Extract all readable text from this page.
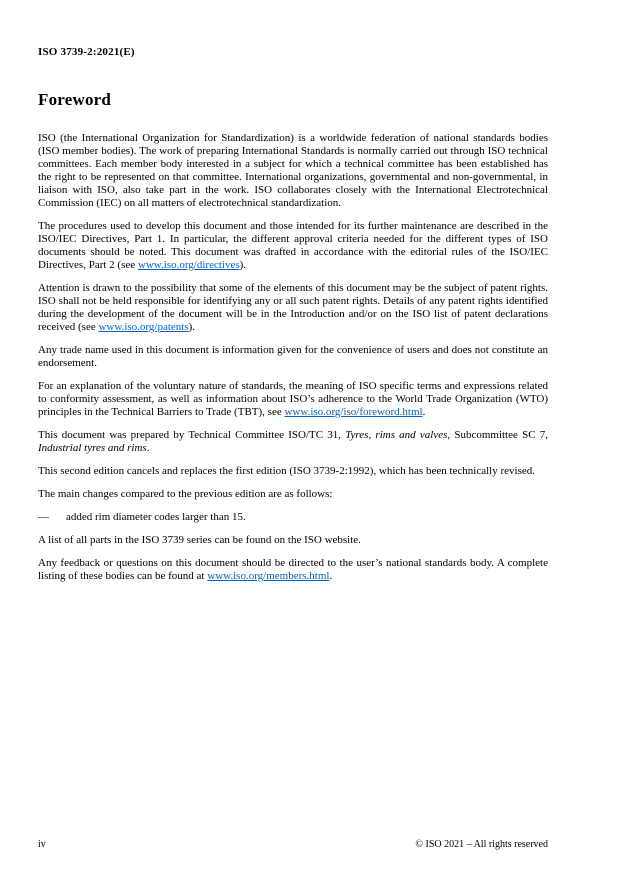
ISO 3739-2:2021(E)
Foreword

ISO (the International Organization for Standardization) is a worldwide federation of national standards bodies (ISO member bodies). The work of preparing International Standards is normally carried out through ISO technical committees. Each member body interested in a subject for which a technical committee has been established has the right to be represented on that committee. International organizations, governmental and non-governmental, in liaison with ISO, also take part in the work. ISO collaborates closely with the International Electrotechnical Commission (IEC) on all matters of electrotechnical standardization.

The procedures used to develop this document and those intended for its further maintenance are described in the ISO/IEC Directives, Part 1. In particular, the different approval criteria needed for the different types of ISO documents should be noted. This document was drafted in accordance with the editorial rules of the ISO/IEC Directives, Part 2 (see www.iso.org/directives).

Attention is drawn to the possibility that some of the elements of this document may be the subject of patent rights. ISO shall not be held responsible for identifying any or all such patent rights. Details of any patent rights identified during the development of the document will be in the Introduction and/or on the ISO list of patent declarations received (see www.iso.org/patents).

Any trade name used in this document is information given for the convenience of users and does not constitute an endorsement.

For an explanation of the voluntary nature of standards, the meaning of ISO specific terms and expressions related to conformity assessment, as well as information about ISO’s adherence to the World Trade Organization (WTO) principles in the Technical Barriers to Trade (TBT), see www.iso.org/iso/foreword.html.

This document was prepared by Technical Committee ISO/TC 31, Tyres, rims and valves, Subcommittee SC 7, Industrial tyres and rims.

This second edition cancels and replaces the first edition (ISO 3739-2:1992), which has been technically revised.

The main changes compared to the previous edition are as follows:

—	added rim diameter codes larger than 15.

A list of all parts in the ISO 3739 series can be found on the ISO website.

Any feedback or questions on this document should be directed to the user’s national standards body. A complete listing of these bodies can be found at www.iso.org/members.html.

iv	© ISO 2021 – All rights reserved
